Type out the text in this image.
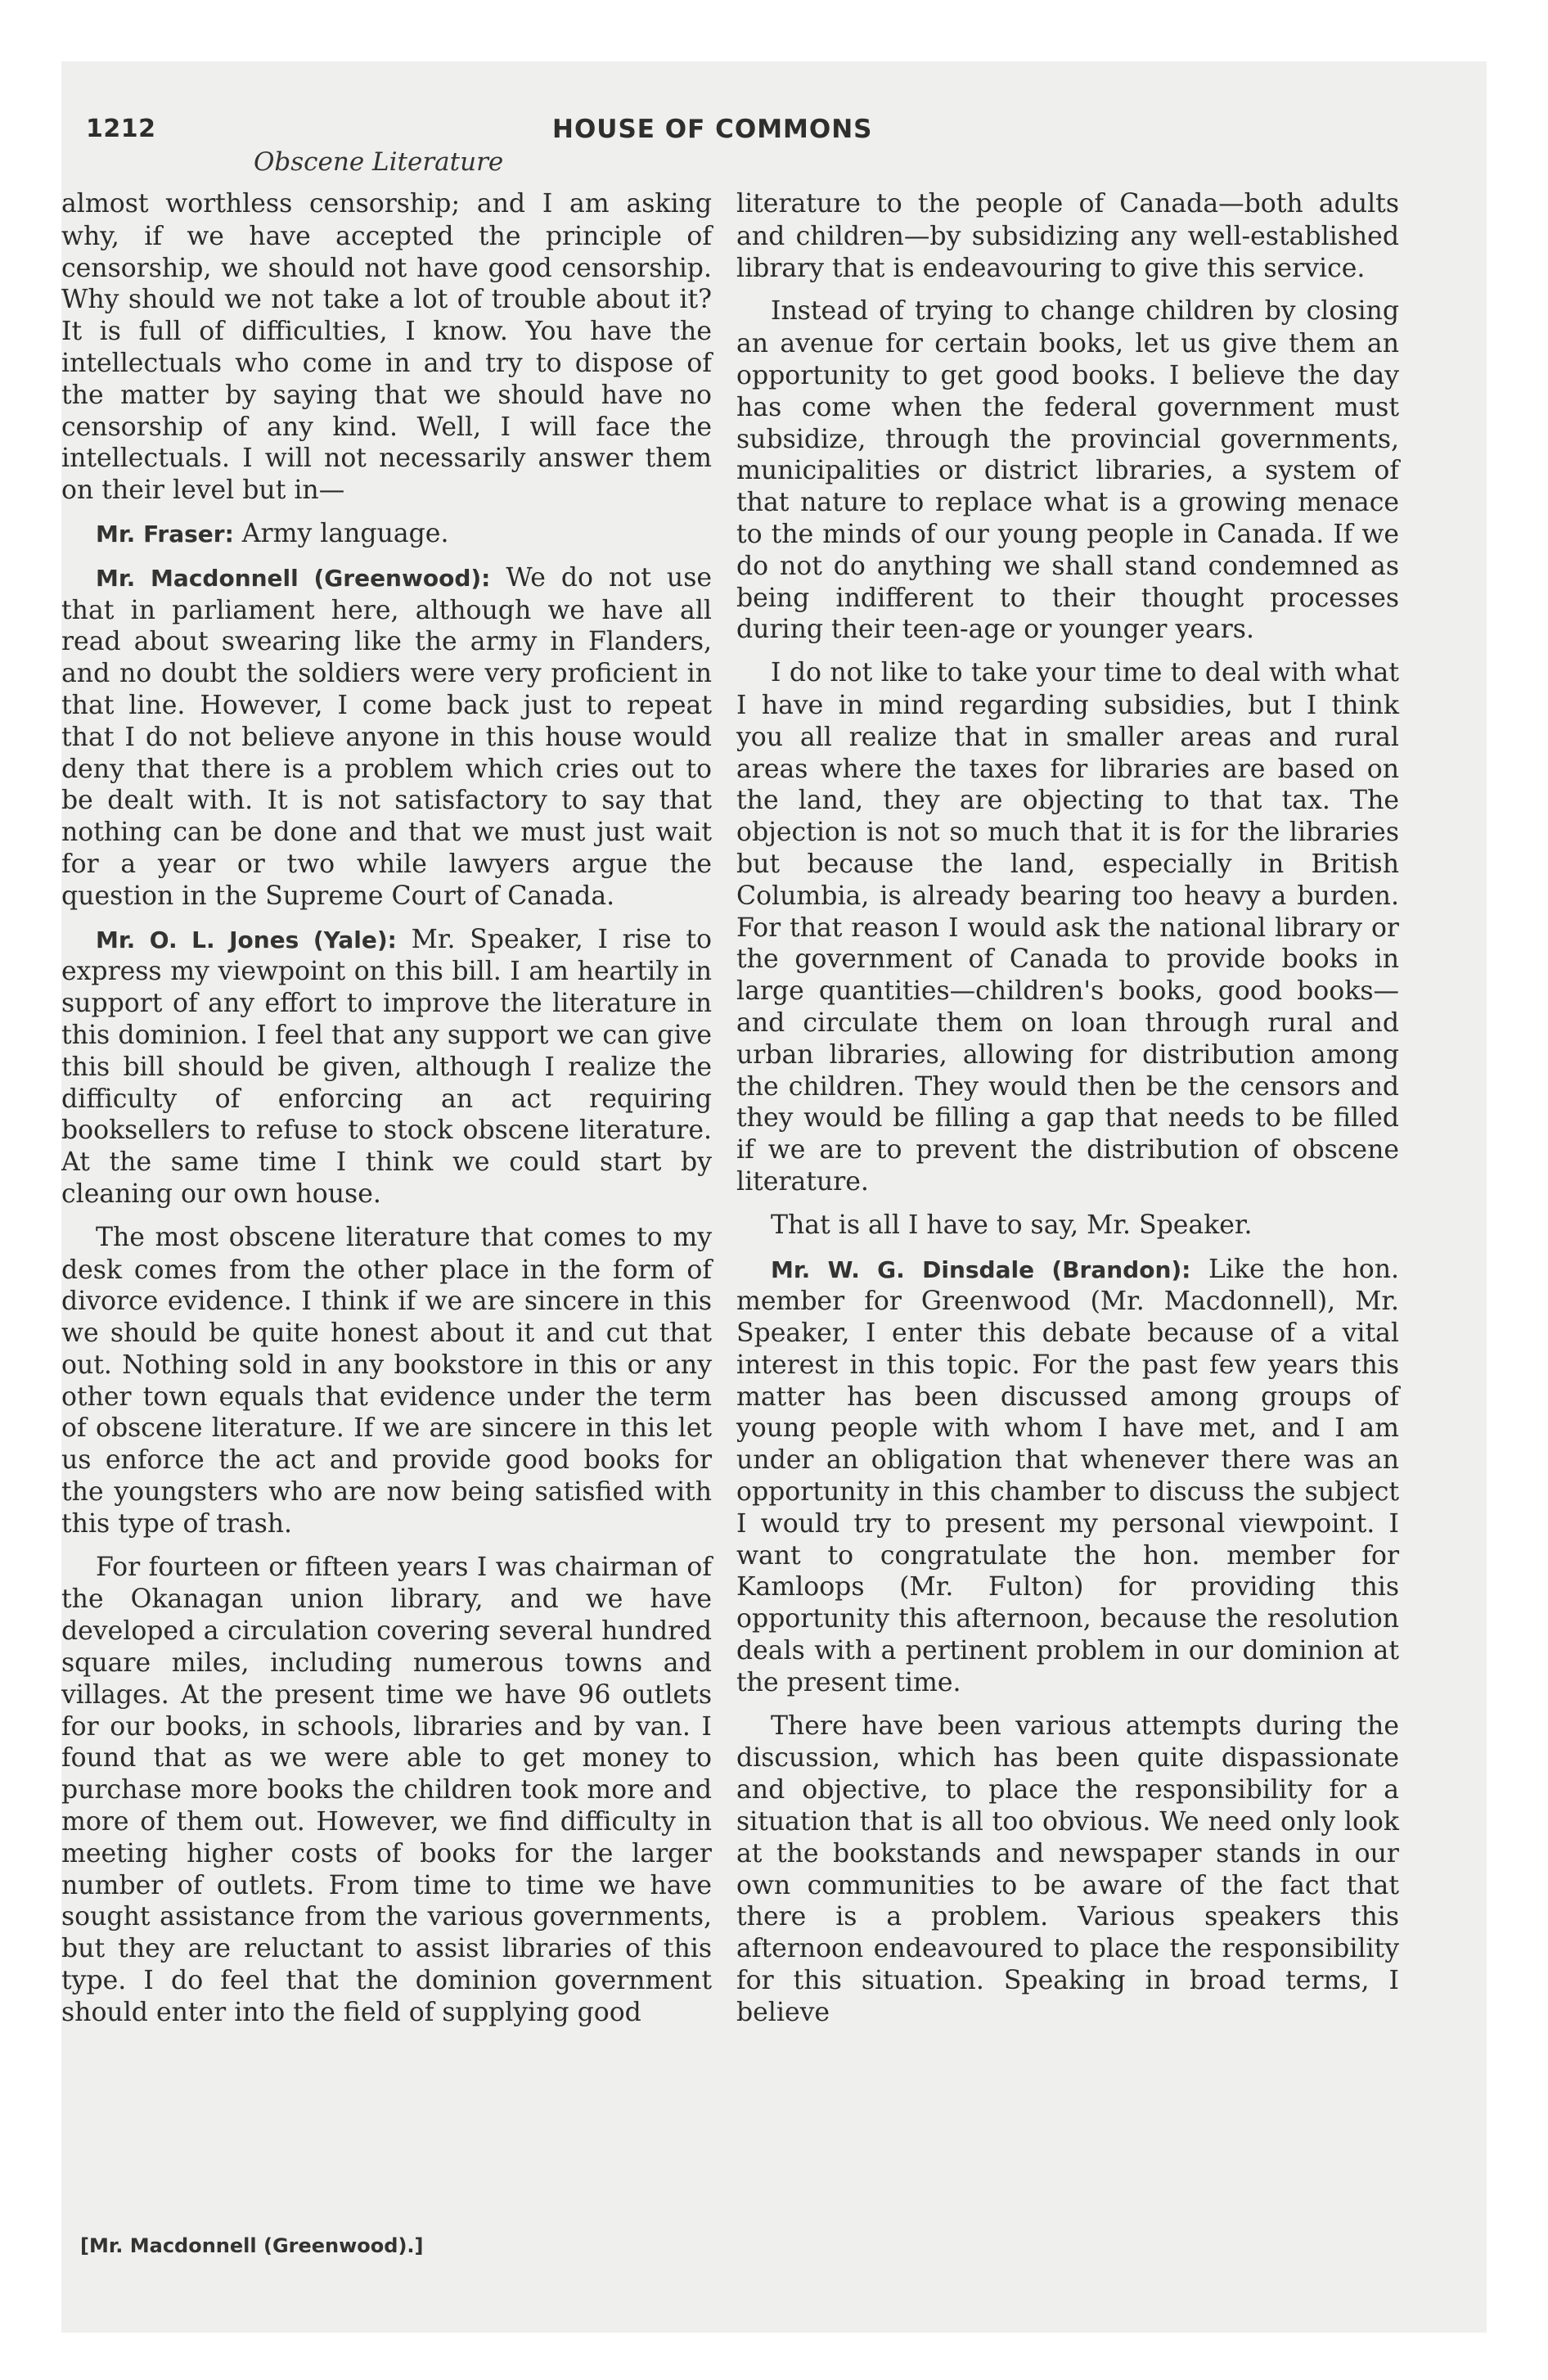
1212	HOUSE OF COMMONS
Obscene Literature

almost worthless censorship; and I am asking why, if we have accepted the principle of censorship, we should not have good censorship. Why should we not take a lot of trouble about it? It is full of difficulties, I know. You have the intellectuals who come in and try to dispose of the matter by saying that we should have no censorship of any kind. Well, I will face the intellectuals. I will not necessarily answer them on their level but in—

Mr. Fraser: Army language.

Mr. Macdonnell (Greenwood): We do not use that in parliament here, although we have all read about swearing like the army in Flanders, and no doubt the soldiers were very proficient in that line. However, I come back just to repeat that I do not believe anyone in this house would deny that there is a problem which cries out to be dealt with. It is not satisfactory to say that nothing can be done and that we must just wait for a year or two while lawyers argue the question in the Supreme Court of Canada.

Mr. O. L. Jones (Yale): Mr. Speaker, I rise to express my viewpoint on this bill. I am heartily in support of any effort to improve the literature in this dominion. I feel that any support we can give this bill should be given, although I realize the difficulty of enforcing an act requiring booksellers to refuse to stock obscene literature. At the same time I think we could start by cleaning our own house.

The most obscene literature that comes to my desk comes from the other place in the form of divorce evidence. I think if we are sincere in this we should be quite honest about it and cut that out. Nothing sold in any bookstore in this or any other town equals that evidence under the term of obscene literature. If we are sincere in this let us enforce the act and provide good books for the youngsters who are now being satisfied with this type of trash.

For fourteen or fifteen years I was chairman of the Okanagan union library, and we have developed a circulation covering several hundred square miles, including numerous towns and villages. At the present time we have 96 outlets for our books, in schools, libraries and by van. I found that as we were able to get money to purchase more books the children took more and more of them out. However, we find difficulty in meeting higher costs of books for the larger number of outlets. From time to time we have sought assistance from the various governments, but they are reluctant to assist libraries of this type. I do feel that the dominion government should enter into the field of supplying good

literature to the people of Canada—both adults and children—by subsidizing any well-established library that is endeavouring to give this service.

Instead of trying to change children by closing an avenue for certain books, let us give them an opportunity to get good books. I believe the day has come when the federal government must subsidize, through the provincial governments, municipalities or district libraries, a system of that nature to replace what is a growing menace to the minds of our young people in Canada. If we do not do anything we shall stand condemned as being indifferent to their thought processes during their teen-age or younger years.

I do not like to take your time to deal with what I have in mind regarding subsidies, but I think you all realize that in smaller areas and rural areas where the taxes for libraries are based on the land, they are objecting to that tax. The objection is not so much that it is for the libraries but because the land, especially in British Columbia, is already bearing too heavy a burden. For that reason I would ask the national library or the government of Canada to provide books in large quantities—children's books, good books—and circulate them on loan through rural and urban libraries, allowing for distribution among the children. They would then be the censors and they would be filling a gap that needs to be filled if we are to prevent the distribution of obscene literature.

That is all I have to say, Mr. Speaker.

Mr. W. G. Dinsdale (Brandon): Like the hon. member for Greenwood (Mr. Macdonnell), Mr. Speaker, I enter this debate because of a vital interest in this topic. For the past few years this matter has been discussed among groups of young people with whom I have met, and I am under an obligation that whenever there was an opportunity in this chamber to discuss the subject I would try to present my personal viewpoint. I want to congratulate the hon. member for Kamloops (Mr. Fulton) for providing this opportunity this afternoon, because the resolution deals with a pertinent problem in our dominion at the present time.

There have been various attempts during the discussion, which has been quite dispassionate and objective, to place the responsibility for a situation that is all too obvious. We need only look at the bookstands and newspaper stands in our own communities to be aware of the fact that there is a problem. Various speakers this afternoon endeavoured to place the responsibility for this situation. Speaking in broad terms, I believe

[Mr. Macdonnell (Greenwood).]
